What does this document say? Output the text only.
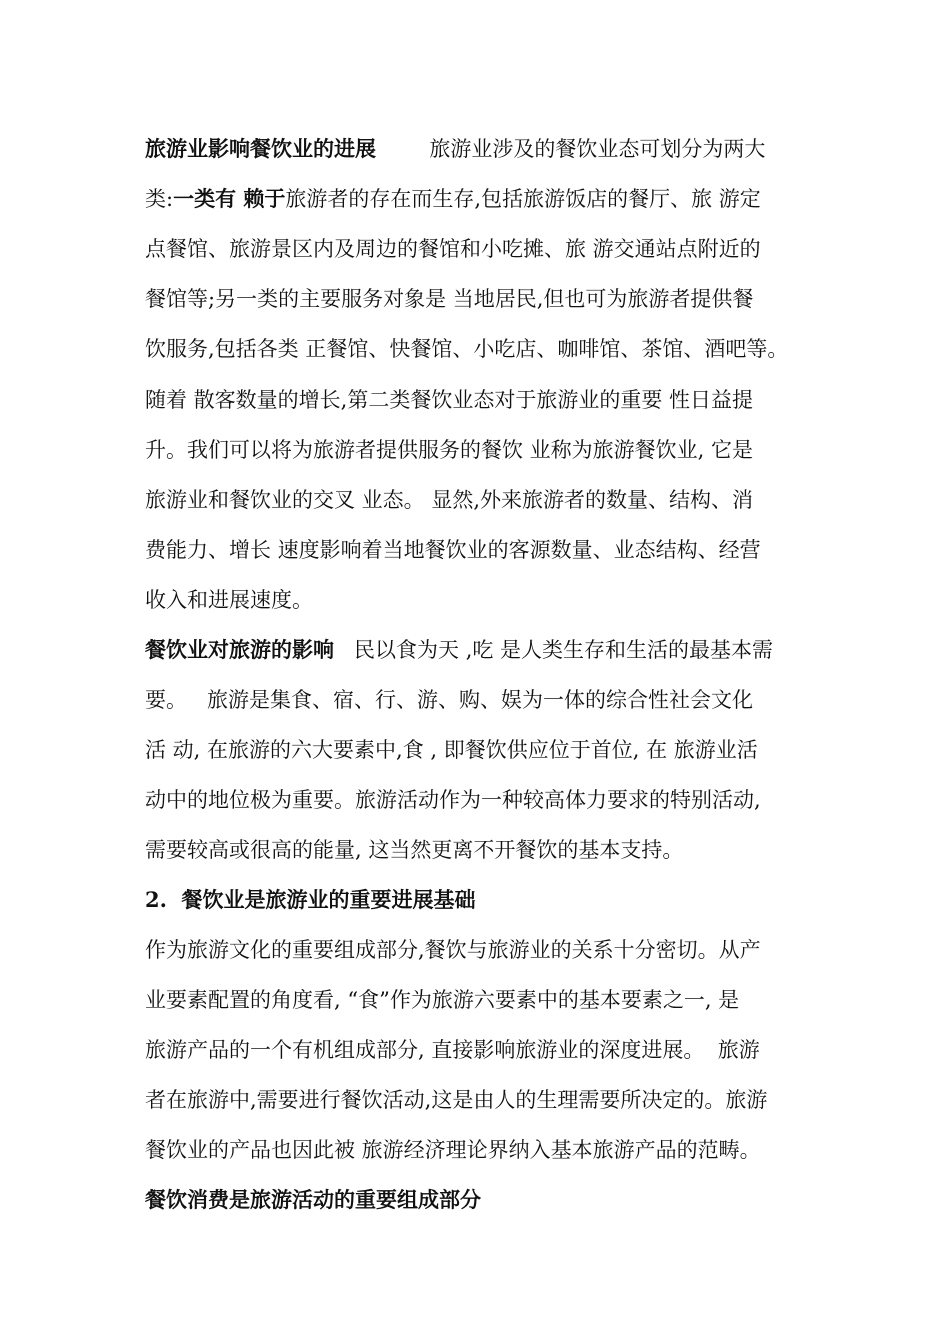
旅游业影响餐饮业的进展        旅游业涉及的餐饮业态可划分为两大
类:一类有 赖于旅游者的存在而生存,包括旅游饭店的餐厅、旅 游定
点餐馆、旅游景区内及周边的餐馆和小吃摊、旅 游交通站点附近的
餐馆等;另一类的主要服务对象是 当地居民,但也可为旅游者提供餐
饮服务,包括各类 正餐馆、快餐馆、小吃店、咖啡馆、茶馆、酒吧等。
随着 散客数量的增长,第二类餐饮业态对于旅游业的重要 性日益提
升。我们可以将为旅游者提供服务的餐饮 业称为旅游餐饮业, 它是
旅游业和餐饮业的交叉 业态。 显然,外来旅游者的数量、结构、消
费能力、增长 速度影响着当地餐饮业的客源数量、业态结构、经营
收入和进展速度。
餐饮业对旅游的影响   民以食为天 ,吃 是人类生存和生活的最基本需
要。   旅游是集食、宿、行、游、购、娱为一体的综合性社会文化
活 动, 在旅游的六大要素中,食 , 即餐饮供应位于首位, 在 旅游业活
动中的地位极为重要。旅游活动作为一种较高体力要求的特别活动,
需要较高或很高的能量, 这当然更离不开餐饮的基本支持。
2.  餐饮业是旅游业的重要进展基础
作为旅游文化的重要组成部分,餐饮与旅游业的关系十分密切。从产
业要素配置的角度看, “食”作为旅游六要素中的基本要素之一, 是
旅游产品的一个有机组成部分, 直接影响旅游业的深度进展。  旅游
者在旅游中,需要进行餐饮活动,这是由人的生理需要所决定的。旅游
餐饮业的产品也因此被 旅游经济理论界纳入基本旅游产品的范畴。
餐饮消费是旅游活动的重要组成部分
